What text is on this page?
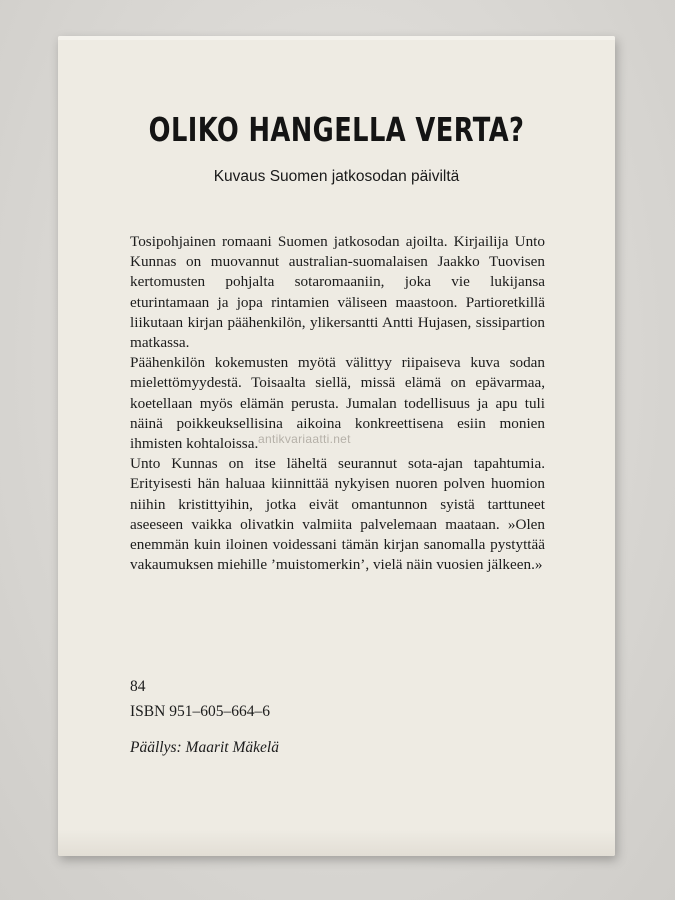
OLIKO HANGELLA VERTA?

Kuvaus Suomen jatkosodan päiviltä

Tosipohjainen romaani Suomen jatkosodan ajoilta. Kirjailija Unto Kunnas on muovannut australian-suomalaisen Jaakko Tuovisen kertomusten pohjalta sotaromaaniin, joka vie lukijansa eturintamaan ja jopa rintamien väliseen maastoon. Partioretkillä liikutaan kirjan päähenkilön, ylikersantti Antti Hujasen, sissipartion matkassa.

Päähenkilön kokemusten myötä välittyy riipaiseva kuva sodan mielettömyydestä. Toisaalta siellä, missä elämä on epävarmaa, koetellaan myös elämän perusta. Jumalan todellisuus ja apu tuli näinä poikkeuksellisina aikoina konkreettisena esiin monien ihmisten kohtaloissa.

Unto Kunnas on itse läheltä seurannut sota-ajan tapahtumia. Erityisesti hän haluaa kiinnittää nykyisen nuoren polven huomion niihin kristittyihin, jotka eivät omantunnon syistä tarttuneet aseeseen vaikka olivatkin valmiita palvelemaan maataan. »Olen enemmän kuin iloinen voidessani tämän kirjan sanomalla pystyttää vakaumuksen miehille ’muistomerkin’, vielä näin vuosien jälkeen.»

84

ISBN 951–605–664–6

Päällys: Maarit Mäkelä

antikvariaatti.net
